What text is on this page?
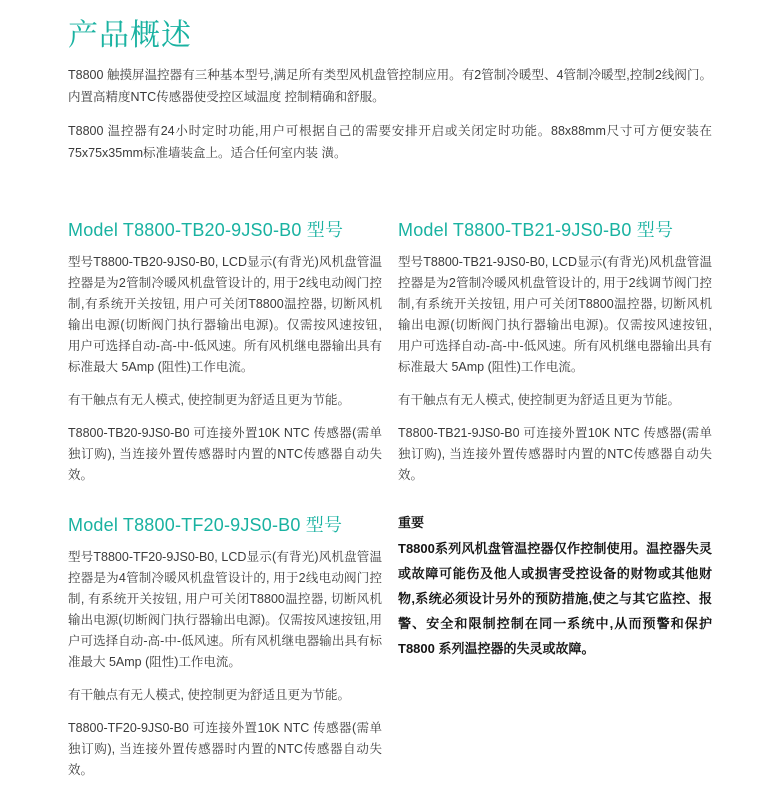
产品概述

T8800 触摸屏温控器有三种基本型号,满足所有类型风机盘管控制应用。有2管制冷暖型、4管制冷暖型,控制2线阀门。内置高精度NTC传感器使受控区域温度 控制精确和舒服。

T8800 温控器有24小时定时功能,用户可根据自己的需要安排开启或关闭定时功能。88x88mm尺寸可方便安装在75x75x35mm标准墙装盒上。适合任何室内装 潢。

Model T8800-TB20-9JS0-B0 型号

型号T8800-TB20-9JS0-B0, LCD显示(有背光)风机盘管温控器是为2管制冷暖风机盘管设计的, 用于2线电动阀门控制,有系统开关按钮, 用户可关闭T8800温控器, 切断风机输出电源(切断阀门执行器输出电源)。仅需按风速按钮, 用户可选择自动-高-中-低风速。所有风机继电器输出具有标准最大 5Amp (阻性)工作电流。

有干触点有无人模式, 使控制更为舒适且更为节能。

T8800-TB20-9JS0-B0 可连接外置10K NTC 传感器(需单独订购), 当连接外置传感器时内置的NTC传感器自动失效。

Model T8800-TB21-9JS0-B0 型号

型号T8800-TB21-9JS0-B0, LCD显示(有背光)风机盘管温控器是为2管制冷暖风机盘管设计的, 用于2线调节阀门控制,有系统开关按钮, 用户可关闭T8800温控器, 切断风机输出电源(切断阀门执行器输出电源)。仅需按风速按钮, 用户可选择自动-高-中-低风速。所有风机继电器输出具有标准最大 5Amp (阻性)工作电流。

有干触点有无人模式, 使控制更为舒适且更为节能。

T8800-TB21-9JS0-B0 可连接外置10K NTC 传感器(需单独订购), 当连接外置传感器时内置的NTC传感器自动失效。

Model T8800-TF20-9JS0-B0 型号

型号T8800-TF20-9JS0-B0, LCD显示(有背光)风机盘管温控器是为4管制冷暖风机盘管设计的, 用于2线电动阀门控制, 有系统开关按钮, 用户可关闭T8800温控器, 切断风机输出电源(切断阀门执行器输出电源)。仅需按风速按钮,用户可选择自动-高-中-低风速。所有风机继电器输出具有标准最大 5Amp (阻性)工作电流。

有干触点有无人模式, 使控制更为舒适且更为节能。

T8800-TF20-9JS0-B0 可连接外置10K NTC 传感器(需单独订购), 当连接外置传感器时内置的NTC传感器自动失效。

重要

T8800系列风机盘管温控器仅作控制使用。温控器失灵或故障可能伤及他人或损害受控设备的财物或其他财物,系统必须设计另外的预防措施,使之与其它监控、报警、安全和限制控制在同一系统中,从而预警和保护T8800 系列温控器的失灵或故障。
